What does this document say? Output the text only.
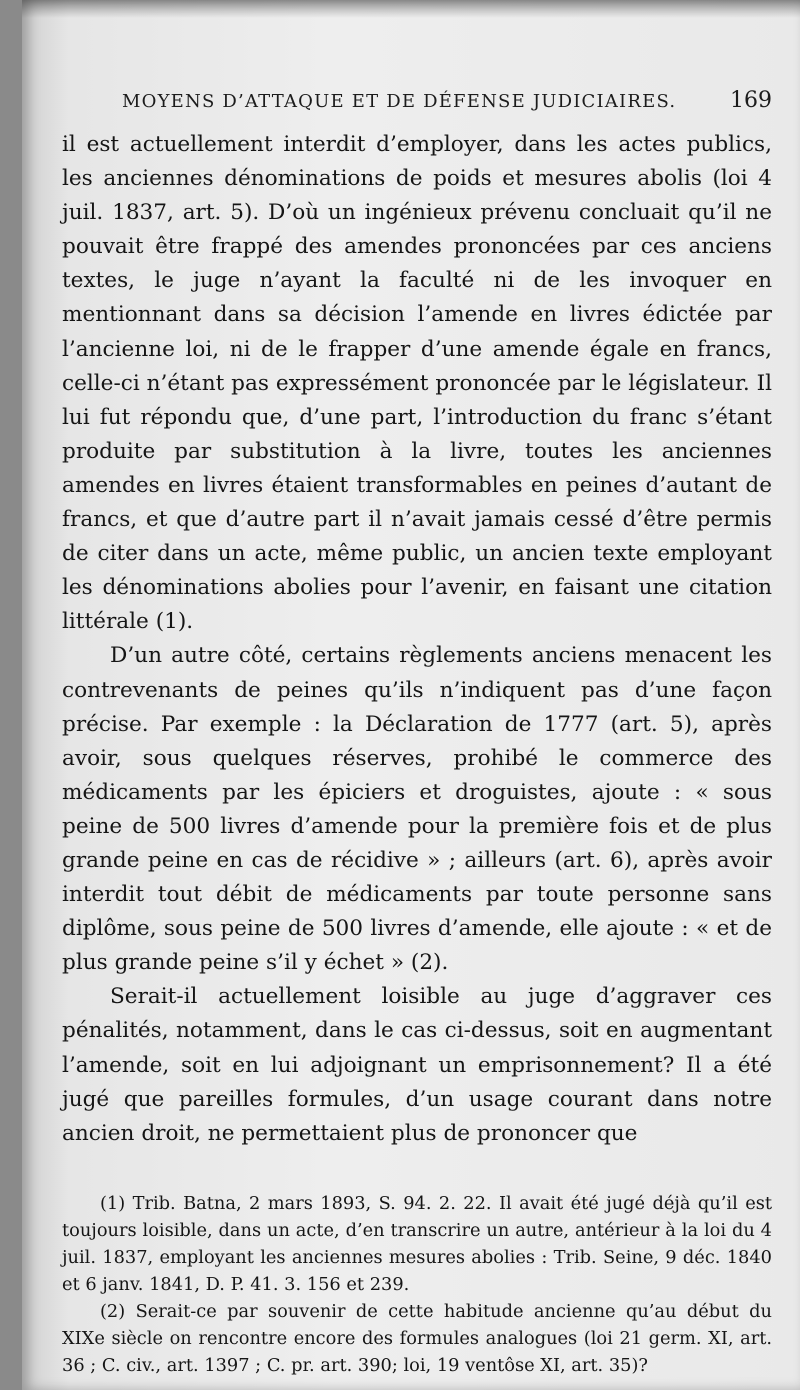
MOYENS D’ATTAQUE ET DE DÉFENSE JUDICIAIRES. 169

il est actuellement interdit d’employer, dans les actes publics, les anciennes dénominations de poids et mesures abolis (loi 4 juil. 1837, art. 5). D’où un ingénieux prévenu concluait qu’il ne pouvait être frappé des amendes prononcées par ces anciens textes, le juge n’ayant la faculté ni de les invoquer en mentionnant dans sa décision l’amende en livres édictée par l’ancienne loi, ni de le frapper d’une amende égale en francs, celle-ci n’étant pas expressément prononcée par le législateur. Il lui fut répondu que, d’une part, l’introduction du franc s’étant produite par substitution à la livre, toutes les anciennes amendes en livres étaient transformables en peines d’autant de francs, et que d’autre part il n’avait jamais cessé d’être permis de citer dans un acte, même public, un ancien texte employant les dénominations abolies pour l’avenir, en faisant une citation littérale (1).

D’un autre côté, certains règlements anciens menacent les contrevenants de peines qu’ils n’indiquent pas d’une façon précise. Par exemple : la Déclaration de 1777 (art. 5), après avoir, sous quelques réserves, prohibé le commerce des médicaments par les épiciers et droguistes, ajoute : « sous peine de 500 livres d’amende pour la première fois et de plus grande peine en cas de récidive » ; ailleurs (art. 6), après avoir interdit tout débit de médicaments par toute personne sans diplôme, sous peine de 500 livres d’amende, elle ajoute : « et de plus grande peine s’il y échet » (2).

Serait-il actuellement loisible au juge d’aggraver ces pénalités, notamment, dans le cas ci-dessus, soit en augmentant l’amende, soit en lui adjoignant un emprisonnement? Il a été jugé que pareilles formules, d’un usage courant dans notre ancien droit, ne permettaient plus de prononcer que

(1) Trib. Batna, 2 mars 1893, S. 94. 2. 22. Il avait été jugé déjà qu’il est toujours loisible, dans un acte, d’en transcrire un autre, antérieur à la loi du 4 juil. 1837, employant les anciennes mesures abolies : Trib. Seine, 9 déc. 1840 et 6 janv. 1841, D. P. 41. 3. 156 et 239.

(2) Serait-ce par souvenir de cette habitude ancienne qu’au début du XIXe siècle on rencontre encore des formules analogues (loi 21 germ. XI, art. 36 ; C. civ., art. 1397 ; C. pr. art. 390; loi, 19 ventôse XI, art. 35)?
